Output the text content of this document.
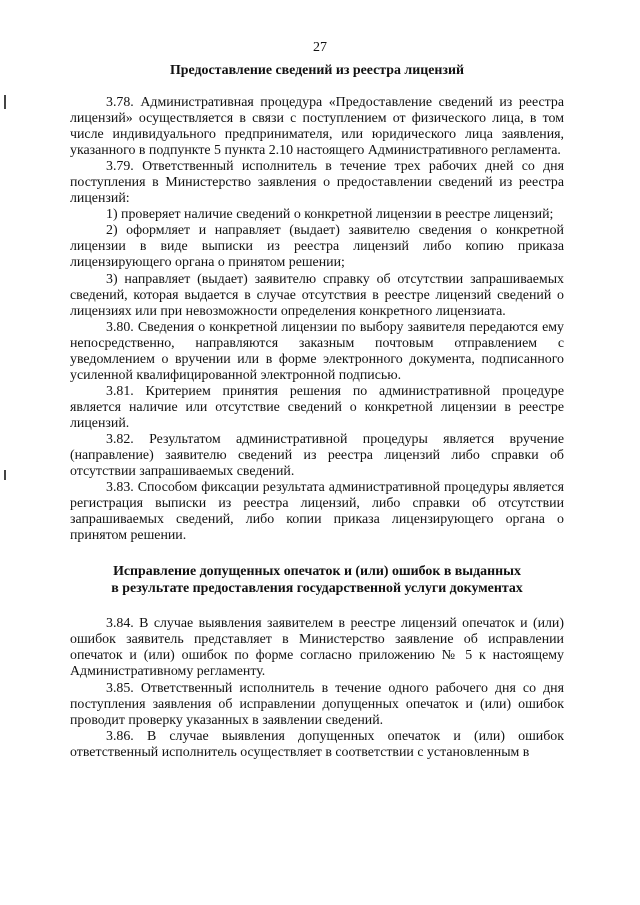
27
Предоставление сведений из реестра лицензий

3.78. Административная процедура «Предоставление сведений из реестра лицензий» осуществляется в связи с поступлением от физического лица, в том числе индивидуального предпринимателя, или юридического лица заявления, указанного в подпункте 5 пункта 2.10 настоящего Административного регламента.

3.79. Ответственный исполнитель в течение трех рабочих дней со дня поступления в Министерство заявления о предоставлении сведений из реестра лицензий:

1) проверяет наличие сведений о конкретной лицензии в реестре лицензий;

2) оформляет и направляет (выдает) заявителю сведения о конкретной лицензии в виде выписки из реестра лицензий либо копию приказа лицензирующего органа о принятом решении;

3) направляет (выдает) заявителю справку об отсутствии запрашиваемых сведений, которая выдается в случае отсутствия в реестре лицензий сведений о лицензиях или при невозможности определения конкретного лицензиата.

3.80. Сведения о конкретной лицензии по выбору заявителя передаются ему непосредственно, направляются заказным почтовым отправлением с уведомлением о вручении или в форме электронного документа, подписанного усиленной квалифицированной электронной подписью.

3.81. Критерием принятия решения по административной процедуре является наличие или отсутствие сведений о конкретной лицензии в реестре лицензий.

3.82. Результатом административной процедуры является вручение (направление) заявителю сведений из реестра лицензий либо справки об отсутствии запрашиваемых сведений.

3.83. Способом фиксации результата административной процедуры является регистрация выписки из реестра лицензий, либо справки об отсутствии запрашиваемых сведений, либо копии приказа лицензирующего органа о принятом решении.

Исправление допущенных опечаток и (или) ошибок в выданных
в результате предоставления государственной услуги документах

3.84. В случае выявления заявителем в реестре лицензий опечаток и (или) ошибок заявитель представляет в Министерство заявление об исправлении опечаток и (или) ошибок по форме согласно приложению № 5 к настоящему Административному регламенту.

3.85. Ответственный исполнитель в течение одного рабочего дня со дня поступления заявления об исправлении допущенных опечаток и (или) ошибок проводит проверку указанных в заявлении сведений.

3.86. В случае выявления допущенных опечаток и (или) ошибок ответственный исполнитель осуществляет в соответствии с установленным в
